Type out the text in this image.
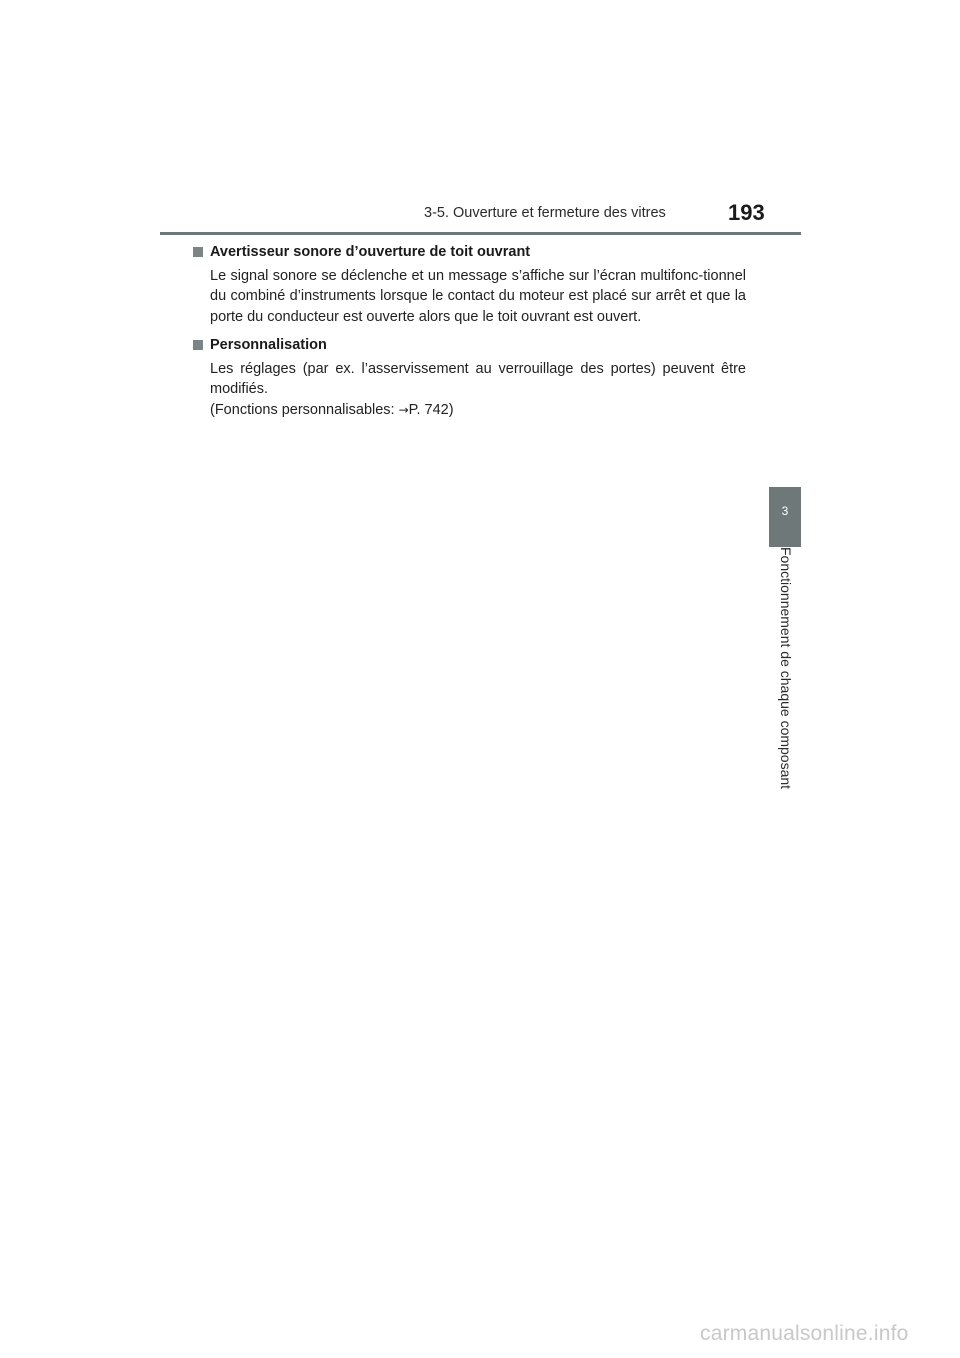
3-5. Ouverture et fermeture des vitres	193
Avertisseur sonore d’ouverture de toit ouvrant

Le signal sonore se déclenche et un message s’affiche sur l’écran multifonc-tionnel du combiné d’instruments lorsque le contact du moteur est placé sur arrêt et que la porte du conducteur est ouverte alors que le toit ouvrant est ouvert.

Personnalisation

Les réglages (par ex. l’asservissement au verrouillage des portes) peuvent être modifiés.
(Fonctions personnalisables: →P. 742)

3
Fonctionnement de chaque composant
carmanualsonline.info
